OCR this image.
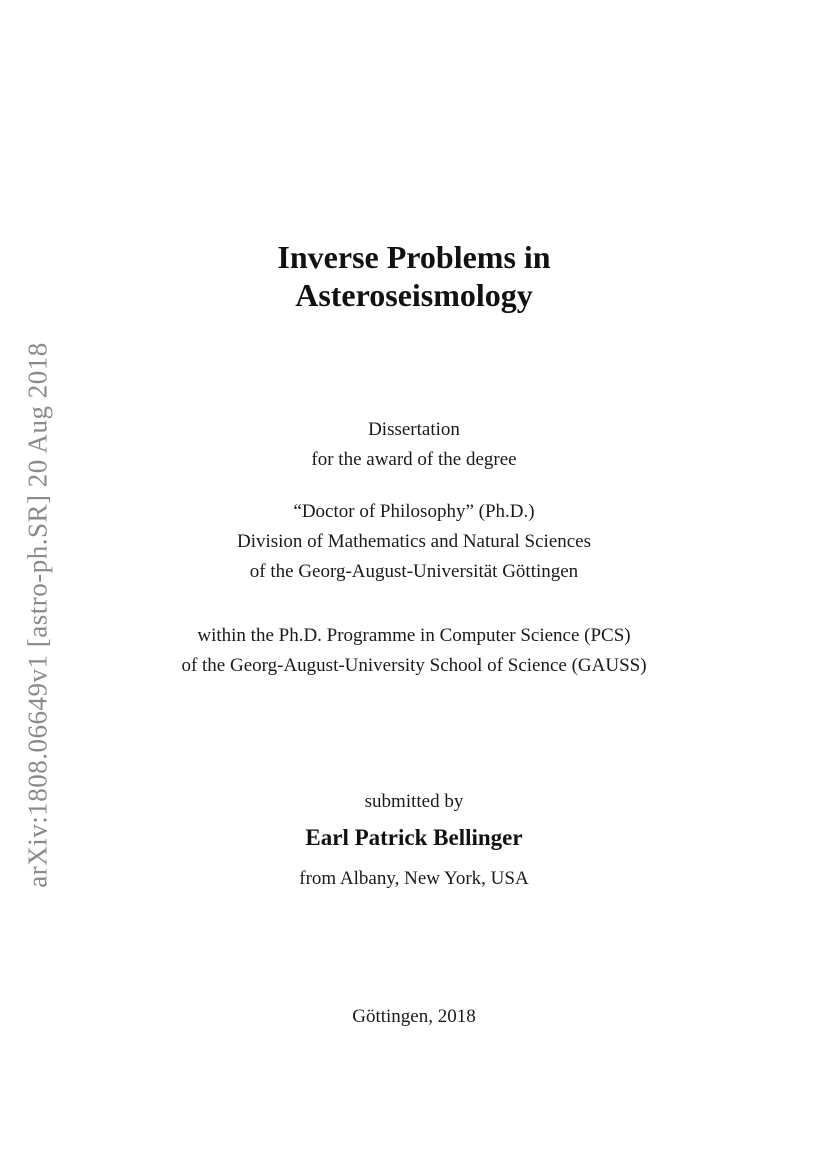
arXiv:1808.06649v1 [astro-ph.SR] 20 Aug 2018
Inverse Problems in
Asteroseismology
Dissertation
for the award of the degree
“Doctor of Philosophy” (Ph.D.)
Division of Mathematics and Natural Sciences
of the Georg-August-Universität Göttingen
within the Ph.D. Programme in Computer Science (PCS)
of the Georg-August-University School of Science (GAUSS)
submitted by
Earl Patrick Bellinger
from Albany, New York, USA
Göttingen, 2018
